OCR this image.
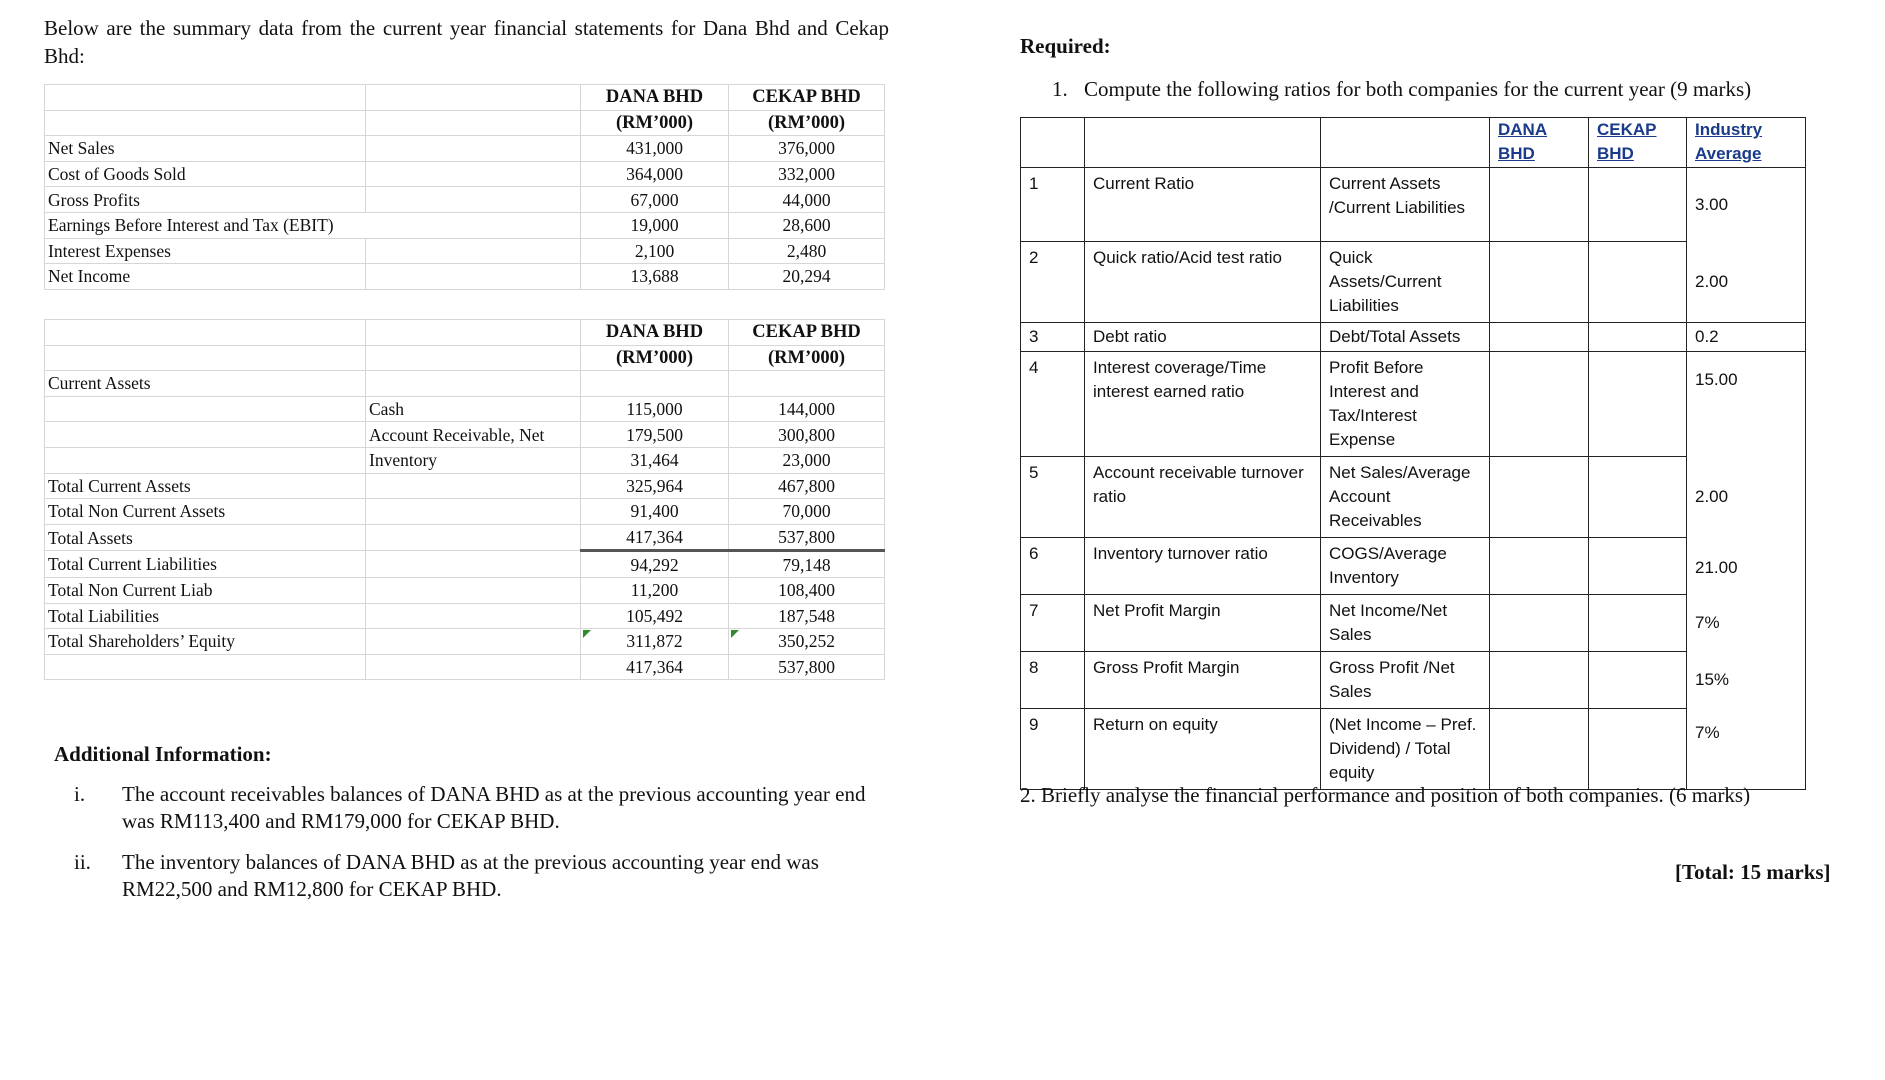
Below are the summary data from the current year financial statements for Dana Bhd and Cekap Bhd:
		DANA BHD	CEKAP BHD
		(RM’000)	(RM’000)
Net Sales		431,000	376,000
Cost of Goods Sold		364,000	332,000
Gross Profits		67,000	44,000
Earnings Before Interest and Tax (EBIT)		19,000	28,600
Interest Expenses		2,100	2,480
Net Income		13,688	20,294
		DANA BHD	CEKAP BHD
		(RM’000)	(RM’000)
Current Assets			
	Cash	115,000	144,000
	Account Receivable, Net	179,500	300,800
	Inventory	31,464	23,000
Total Current Assets		325,964	467,800
Total Non Current Assets		91,400	70,000
Total Assets		417,364	537,800
Total Current Liabilities		94,292	79,148
Total Non Current Liab		11,200	108,400
Total Liabilities		105,492	187,548
Total Shareholders’ Equity		311,872	350,252
		417,364	537,800
Additional Information:
i. The account receivables balances of DANA BHD as at the previous accounting year end was RM113,400 and RM179,000 for CEKAP BHD.
ii. The inventory balances of DANA BHD as at the previous accounting year end was RM22,500 and RM12,800 for CEKAP BHD.
Required:
1. Compute the following ratios for both companies for the current year (9 marks)
			DANA BHD	CEKAP BHD	Industry Average
1	Current Ratio	Current Assets /Current Liabilities			3.00
2	Quick ratio/Acid test ratio	Quick Assets/Current Liabilities			2.00
3	Debt ratio	Debt/Total Assets			0.2
4	Interest coverage/Time interest earned ratio	Profit Before Interest and Tax/Interest Expense			15.00
5	Account receivable turnover ratio	Net Sales/Average Account Receivables			2.00
6	Inventory turnover ratio	COGS/Average Inventory			21.00
7	Net Profit Margin	Net Income/Net Sales			7%
8	Gross Profit Margin	Gross Profit /Net Sales			15%
9	Return on equity	(Net Income – Pref. Dividend) / Total equity			7%
2. Briefly analyse the financial performance and position of both companies. (6 marks)
[Total: 15 marks]
